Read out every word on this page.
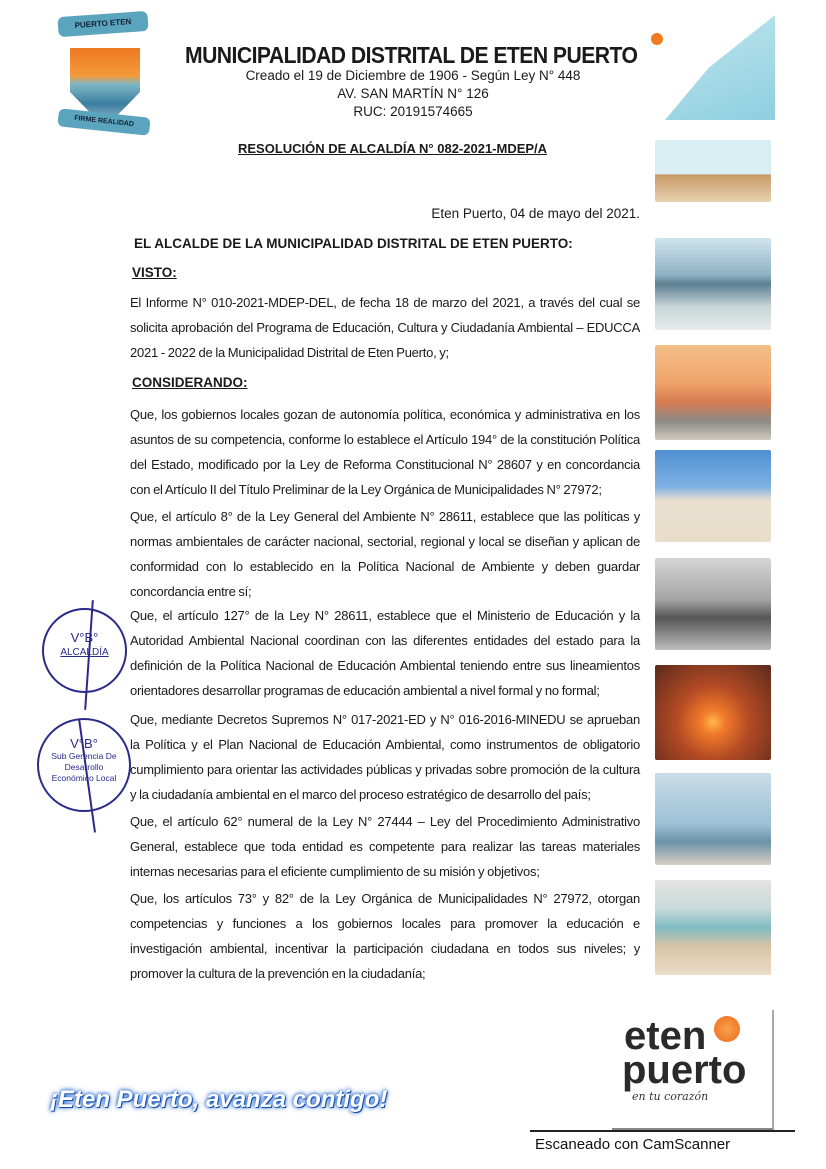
PUERTO ETEN
FIRME REALIDAD
MUNICIPALIDAD DISTRITAL DE ETEN PUERTO
Creado el 19 de Diciembre de 1906 - Según Ley N° 448
AV. SAN MARTÍN N° 126
RUC: 20191574665
RESOLUCIÓN DE ALCALDÍA N° 082-2021-MDEP/A
Eten Puerto, 04 de mayo del 2021.
EL ALCALDE DE LA MUNICIPALIDAD DISTRITAL DE ETEN PUERTO:
VISTO:
El Informe N° 010-2021-MDEP-DEL, de fecha 18 de marzo del 2021, a través del cual se
solicita aprobación del Programa de Educación, Cultura y Ciudadanía Ambiental – EDUCCA
2021 - 2022 de la Municipalidad Distrital de Eten Puerto, y;
CONSIDERANDO:
Que, los gobiernos locales gozan de autonomía política, económica y administrativa en los
asuntos de su competencia, conforme lo establece el Artículo 194° de la constitución Política
del Estado, modificado por la Ley de Reforma Constitucional N° 28607 y en concordancia
con el Artículo II del Título Preliminar de la Ley Orgánica de Municipalidades N° 27972;
Que, el artículo 8° de la Ley General del Ambiente N° 28611, establece que las políticas y
normas ambientales de carácter nacional, sectorial, regional y local se diseñan y aplican de
conformidad con lo establecido en la Política Nacional de Ambiente y deben guardar
concordancia entre sí;
Que, el artículo 127° de la Ley N° 28611, establece que el Ministerio de Educación y la
Autoridad Ambiental Nacional coordinan con las diferentes entidades del estado para la
definición de la Política Nacional de Educación Ambiental teniendo entre sus lineamientos
orientadores desarrollar programas de educación ambiental a nivel formal y no formal;
Que, mediante Decretos Supremos N° 017-2021-ED y N° 016-2016-MINEDU se aprueban
la Política y el Plan Nacional de Educación Ambiental, como instrumentos de obligatorio
cumplimiento para orientar las actividades públicas y privadas sobre promoción de la cultura
y la ciudadanía ambiental en el marco del proceso estratégico de desarrollo del país;
Que, el artículo 62° numeral de la Ley N° 27444 – Ley del Procedimiento Administrativo
General, establece que toda entidad es competente para realizar las tareas materiales
internas necesarias para el eficiente cumplimiento de su misión y objetivos;
Que, los artículos 73° y 82° de la Ley Orgánica de Municipalidades N° 27972, otorgan
competencias y funciones a los gobiernos locales para promover la educación e
investigación ambiental, incentivar la participación ciudadana en todos sus niveles; y
promover la cultura de la prevención en la ciudadanía;
V°B°
ALCALDÍA
V°B°
Sub Gerencia De Desarrollo Económico Local
¡Eten Puerto, avanza contigo!
eten
puerto
en tu corazón
Escaneado con CamScanner
